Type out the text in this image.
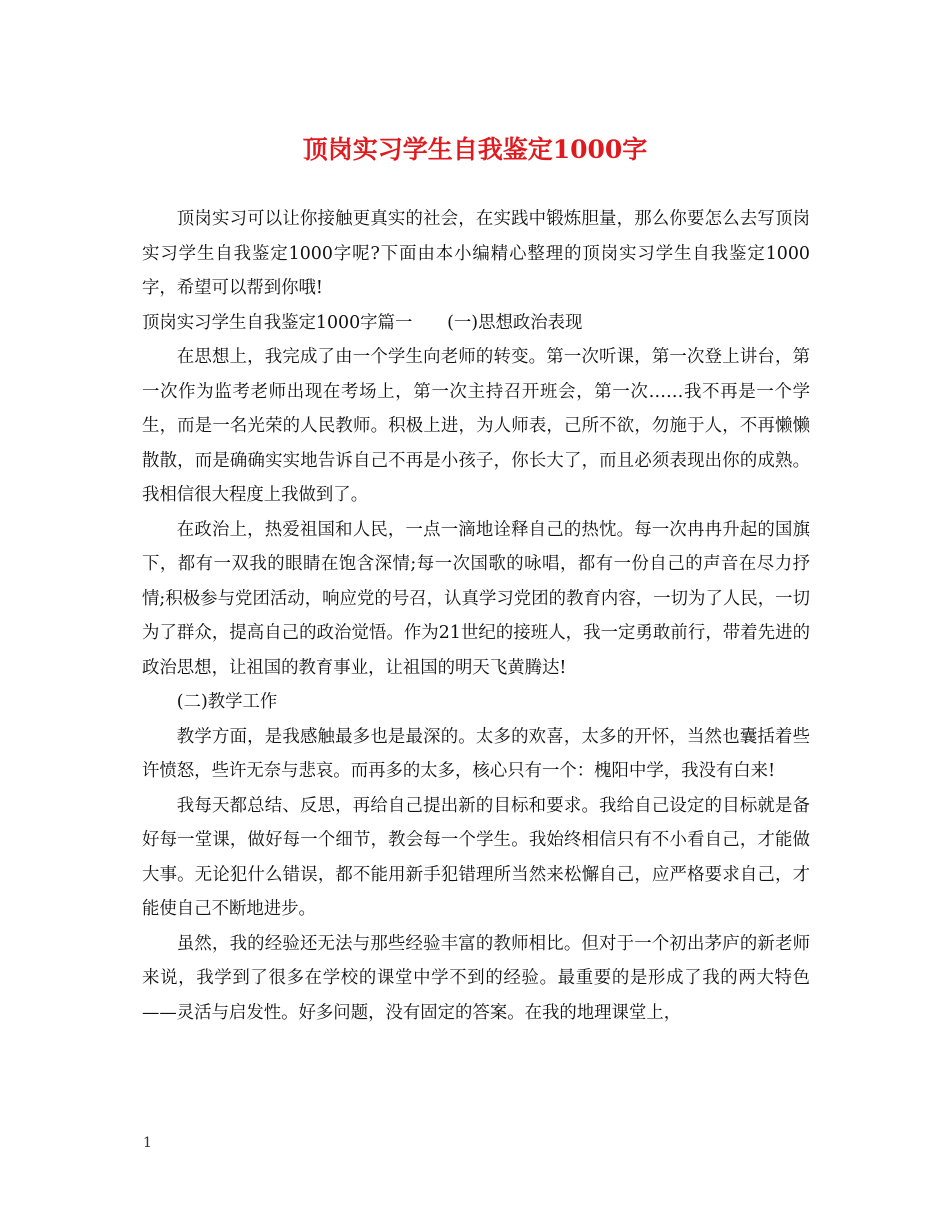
顶岗实习学生自我鉴定1000字

顶岗实习可以让你接触更真实的社会，在实践中锻炼胆量，那么你要怎么去写顶岗实习学生自我鉴定1000字呢?下面由本小编精心整理的顶岗实习学生自我鉴定1000字，希望可以帮到你哦!

顶岗实习学生自我鉴定1000字篇一　　(一)思想政治表现

在思想上，我完成了由一个学生向老师的转变。第一次听课，第一次登上讲台，第一次作为监考老师出现在考场上，第一次主持召开班会，第一次……我不再是一个学生，而是一名光荣的人民教师。积极上进，为人师表，己所不欲，勿施于人，不再懒懒散散，而是确确实实地告诉自己不再是小孩子，你长大了，而且必须表现出你的成熟。我相信很大程度上我做到了。

在政治上，热爱祖国和人民，一点一滴地诠释自己的热忱。每一次冉冉升起的国旗下，都有一双我的眼睛在饱含深情;每一次国歌的咏唱，都有一份自己的声音在尽力抒情;积极参与党团活动，响应党的号召，认真学习党团的教育内容，一切为了人民，一切为了群众，提高自己的政治觉悟。作为21世纪的接班人，我一定勇敢前行，带着先进的政治思想，让祖国的教育事业，让祖国的明天飞黄腾达!

(二)教学工作

教学方面，是我感触最多也是最深的。太多的欢喜，太多的开怀，当然也囊括着些许愤怒，些许无奈与悲哀。而再多的太多，核心只有一个：槐阳中学，我没有白来!

我每天都总结、反思，再给自己提出新的目标和要求。我给自己设定的目标就是备好每一堂课，做好每一个细节，教会每一个学生。我始终相信只有不小看自己，才能做大事。无论犯什么错误，都不能用新手犯错理所当然来松懈自己，应严格要求自己，才能使自己不断地进步。

虽然，我的经验还无法与那些经验丰富的教师相比。但对于一个初出茅庐的新老师来说，我学到了很多在学校的课堂中学不到的经验。最重要的是形成了我的两大特色——灵活与启发性。好多问题，没有固定的答案。在我的地理课堂上，

1
